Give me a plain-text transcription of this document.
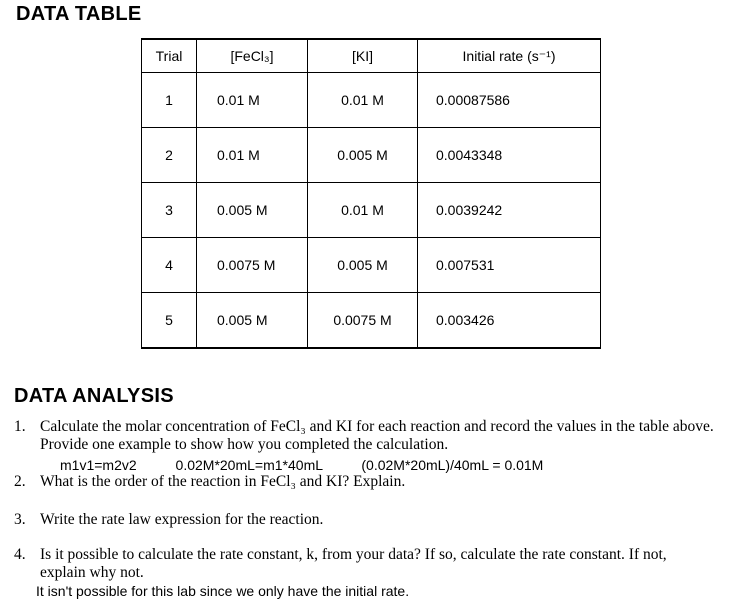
DATA TABLE
Trial	[FeCl₃]	[KI]	Initial rate (s⁻¹)
1	0.01 M	0.01 M	0.00087586
2	0.01 M	0.005 M	0.0043348
3	0.005 M	0.01 M	0.0039242
4	0.0075 M	0.005 M	0.007531
5	0.005 M	0.0075 M	0.003426
DATA ANALYSIS
1. Calculate the molar concentration of FeCl₃ and KI for each reaction and record the values in the table above. Provide one example to show how you completed the calculation.
m1v1=m2v2          0.02M*20mL=m1*40mL          (0.02M*20mL)/40mL = 0.01M
2. What is the order of the reaction in FeCl₃ and KI? Explain.
3. Write the rate law expression for the reaction.
4. Is it possible to calculate the rate constant, k, from your data? If so, calculate the rate constant. If not, explain why not.
It isn't possible for this lab since we only have the initial rate.
